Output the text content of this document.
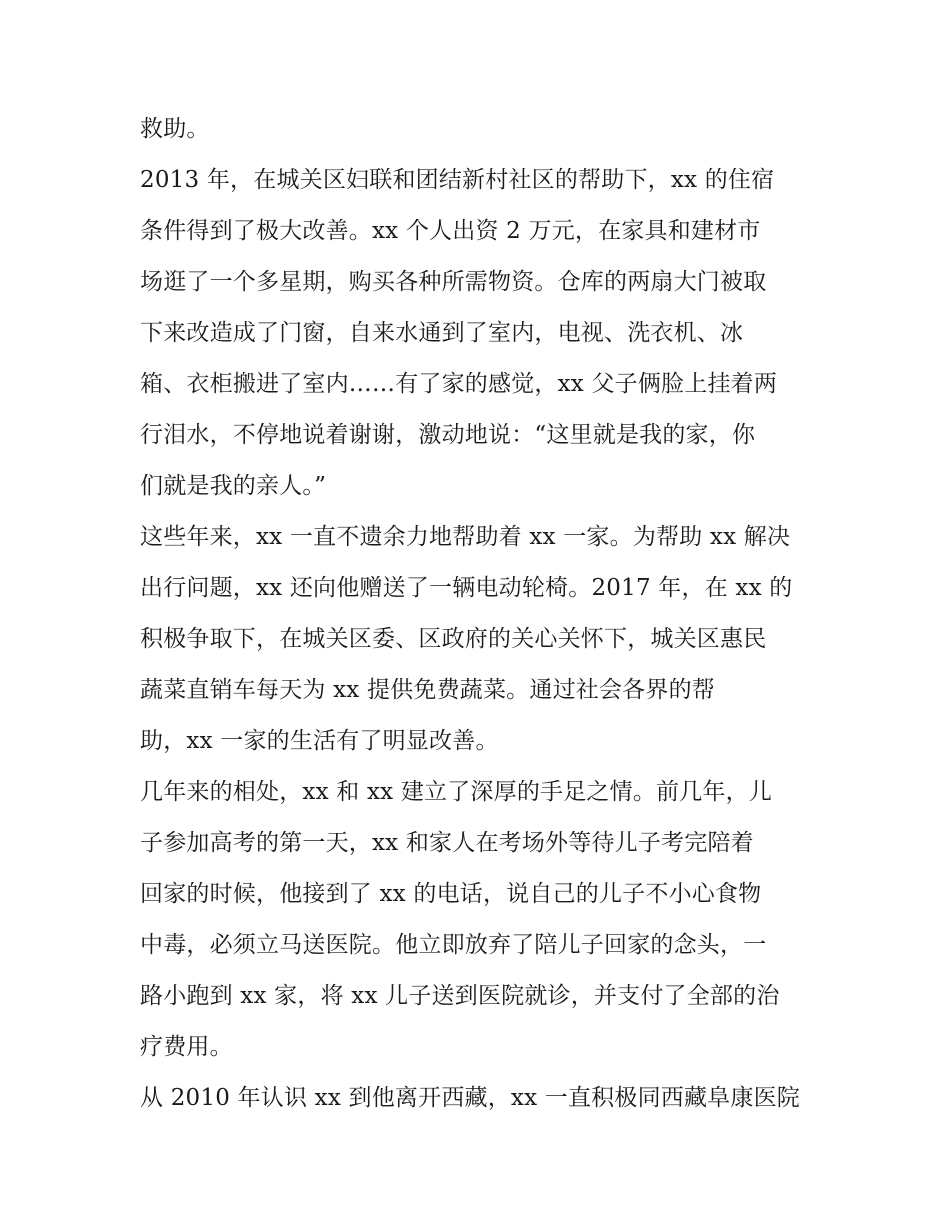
救助。
2013 年，在城关区妇联和团结新村社区的帮助下，xx 的住宿
条件得到了极大改善。xx 个人出资 2 万元，在家具和建材市
场逛了一个多星期，购买各种所需物资。仓库的两扇大门被取
下来改造成了门窗，自来水通到了室内，电视、洗衣机、冰
箱、衣柜搬进了室内……有了家的感觉，xx 父子俩脸上挂着两
行泪水，不停地说着谢谢，激动地说：“这里就是我的家，你
们就是我的亲人。”
这些年来，xx 一直不遗余力地帮助着 xx 一家。为帮助 xx 解决
出行问题，xx 还向他赠送了一辆电动轮椅。2017 年，在 xx 的
积极争取下，在城关区委、区政府的关心关怀下，城关区惠民
蔬菜直销车每天为 xx 提供免费蔬菜。通过社会各界的帮
助，xx 一家的生活有了明显改善。
几年来的相处，xx 和 xx 建立了深厚的手足之情。前几年，儿
子参加高考的第一天，xx 和家人在考场外等待儿子考完陪着
回家的时候，他接到了 xx 的电话，说自己的儿子不小心食物
中毒，必须立马送医院。他立即放弃了陪儿子回家的念头，一
路小跑到 xx 家，将 xx 儿子送到医院就诊，并支付了全部的治
疗费用。
从 2010 年认识 xx 到他离开西藏，xx 一直积极同西藏阜康医院
